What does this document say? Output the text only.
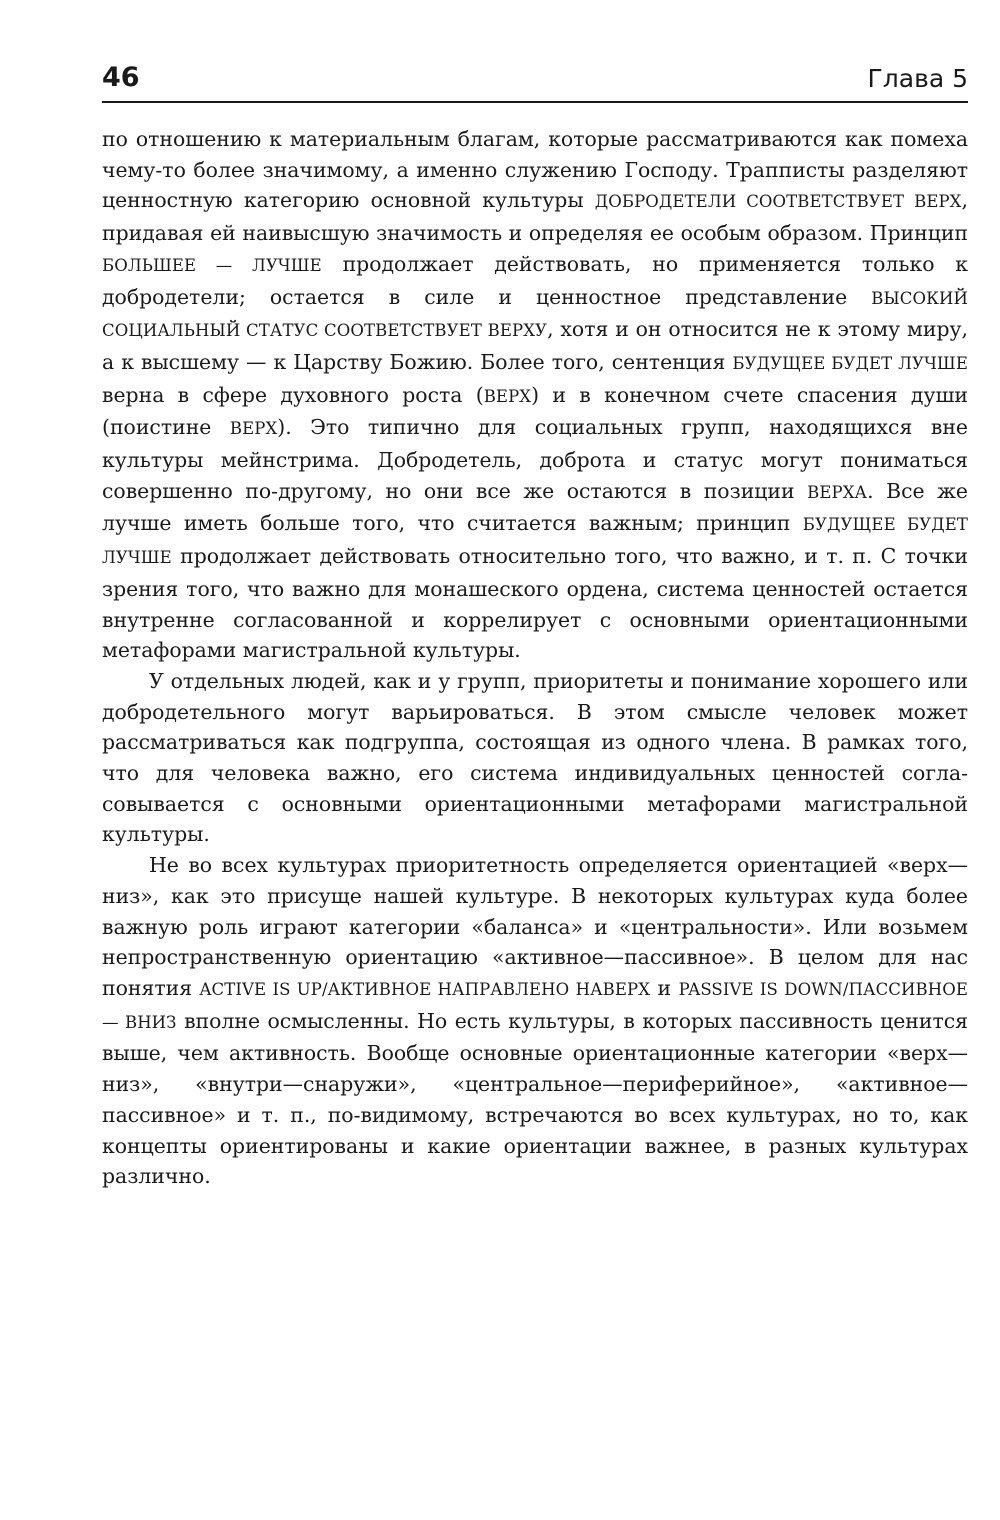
46	Глава 5

по отношению к материальным благам, которые рассматриваются как помеха чему-то более значимому, а именно служению Господу. Трапписты разделяют ценностную категорию основной культуры ДОБРОДЕТЕЛИ СООТВЕТСТВУЕТ ВЕРХ, придавая ей наивысшую значимость и определяя ее особым образом. Принцип БОЛЬШЕЕ — ЛУЧШЕ продолжает действовать, но применяется только к добродетели; остается в силе и ценностное представление ВЫСОКИЙ СОЦИАЛЬНЫЙ СТАТУС СООТВЕТСТВУЕТ ВЕРХУ, хотя и он относится не к этому миру, а к высшему — к Царству Божию. Более того, сентенция БУДУЩЕЕ БУДЕТ ЛУЧШЕ верна в сфере духовного роста (ВЕРХ) и в конечном счете спасения души (поистине ВЕРХ). Это типично для социальных групп, находящихся вне культуры мейнстрима. Добродетель, доброта и статус могут пониматься совершенно по-другому, но они все же остаются в позиции ВЕРХА. Все же лучше иметь больше того, что считается важным; принцип БУДУЩЕЕ БУДЕТ ЛУЧШЕ продолжает действовать относительно того, что важно, и т. п. С точки зрения того, что важно для монашеского ордена, система ценностей остается внутренне согласованной и коррелирует с основными ориентационными метафорами магистральной культуры.

У отдельных людей, как и у групп, приоритеты и понимание хорошего или добродетельного могут варьироваться. В этом смысле человек может рассматриваться как подгруппа, состоящая из одного члена. В рамках того, что для человека важно, его система индивидуальных ценностей согласовывается с основными ориентационными метафорами магистральной культуры.

Не во всех культурах приоритетность определяется ориентацией «верх—низ», как это присуще нашей культуре. В некоторых культурах куда более важную роль играют категории «баланса» и «центральности». Или возьмем непространственную ориентацию «активное—пассивное». В целом для нас понятия ACTIVE IS UP/АКТИВНОЕ НАПРАВЛЕНО НАВЕРХ и PASSIVE IS DOWN/ПАССИВНОЕ — ВНИЗ вполне осмысленны. Но есть культуры, в которых пассивность ценится выше, чем активность. Вообще основные ориентационные категории «верх—низ», «внутри—снаружи», «центральное—периферийное», «активное—пассивное» и т. п., по-видимому, встречаются во всех культурах, но то, как концепты ориентированы и какие ориентации важнее, в разных культурах различно.
